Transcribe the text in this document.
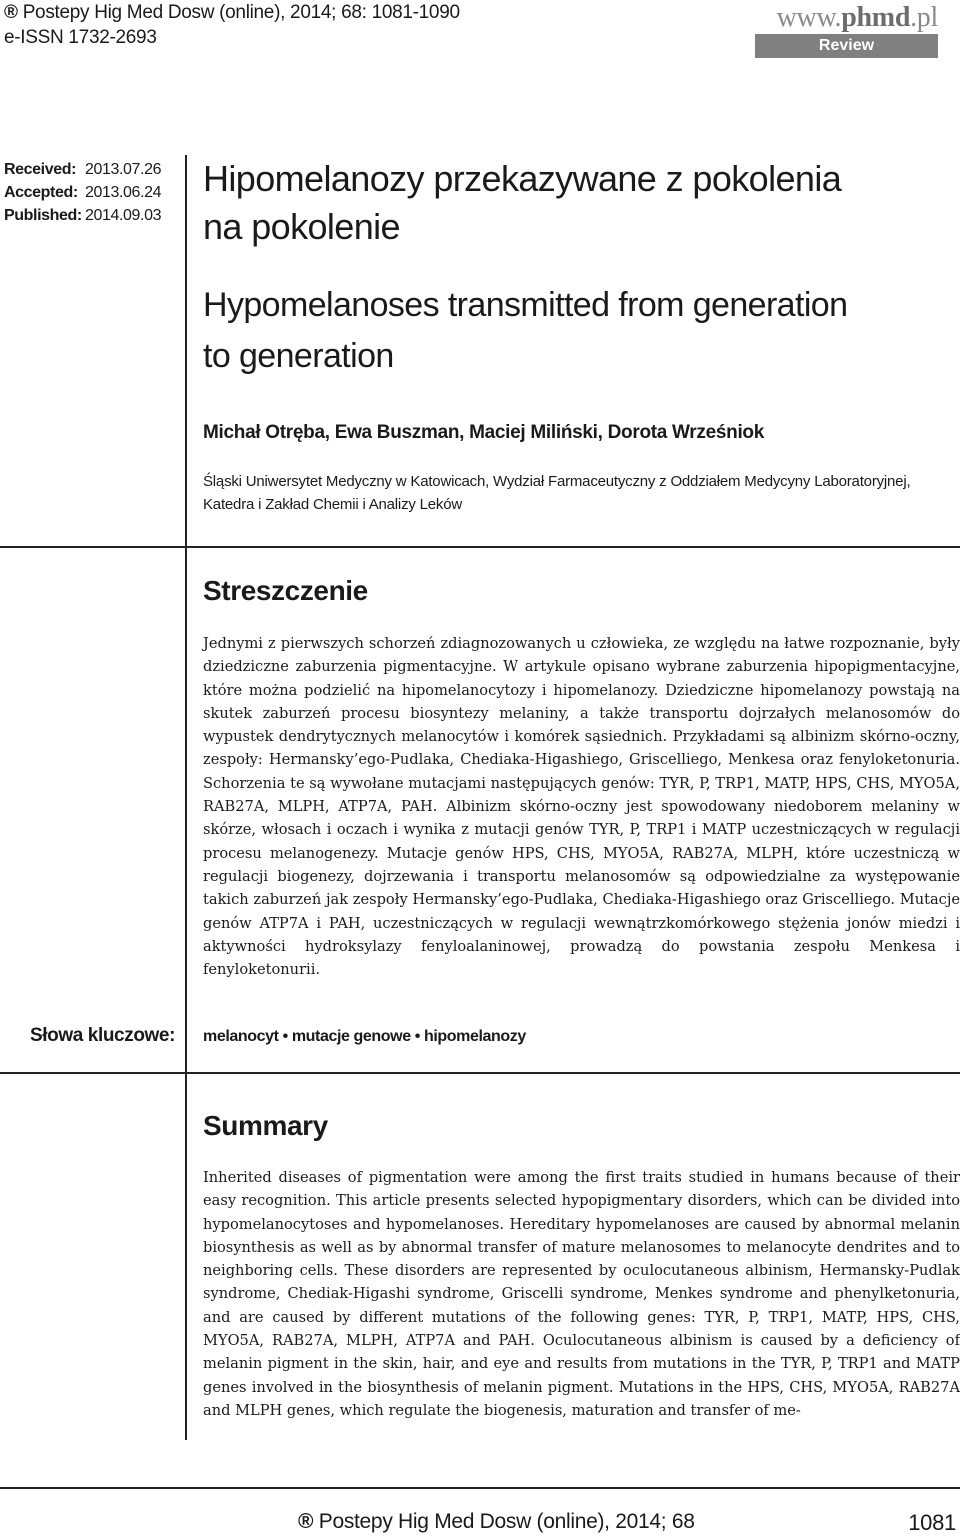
® Postepy Hig Med Dosw (online), 2014; 68: 1081-1090
e-ISSN 1732-2693
www.phmd.pl
Review
Received: 2013.07.26
Accepted: 2013.06.24
Published: 2014.09.03
Hipomelanozy przekazywane z pokolenia
na pokolenie
Hypomelanoses transmitted from generation
to generation
Michał Otręba, Ewa Buszman, Maciej Miliński, Dorota Wrześniok
Śląski Uniwersytet Medyczny w Katowicach, Wydział Farmaceutyczny z Oddziałem Medycyny Laboratoryjnej,
Katedra i Zakład Chemii i Analizy Leków
Streszczenie
Jednymi z pierwszych schorzeń zdiagnozowanych u człowieka, ze względu na łatwe rozpoznanie, były dziedziczne zaburzenia pigmentacyjne. W artykule opisano wybrane zaburzenia hipopigmentacyjne, które można podzielić na hipomelanocytozy i hipomelanozy. Dziedziczne hipomelanozy powstają na skutek zaburzeń procesu biosyntezy melaniny, a także transportu dojrzałych melanosomów do wypustek dendrytycznych melanocytów i komórek sąsiednich. Przykładami są albinizm skórno-oczny, zespoły: Hermansky’ego-Pudlaka, Chediaka-Higashiego, Griscelliego, Menkesa oraz fenyloketonuria. Schorzenia te są wywołane mutacjami następujących genów: TYR, P, TRP1, MATP, HPS, CHS, MYO5A, RAB27A, MLPH, ATP7A, PAH. Albinizm skórno-oczny jest spowodowany niedoborem melaniny w skórze, włosach i oczach i wynika z mutacji genów TYR, P, TRP1 i MATP uczestniczących w regulacji procesu melanogenezy. Mutacje genów HPS, CHS, MYO5A, RAB27A, MLPH, które uczestniczą w regulacji biogenezy, dojrzewania i transportu melanosomów są odpowiedzialne za występowanie takich zaburzeń jak zespoły Hermansky’ego-Pudlaka, Chediaka-Higashiego oraz Griscelliego. Mutacje genów ATP7A i PAH, uczestniczących w regulacji wewnątrzkomórkowego stężenia jonów miedzi i aktywności hydroksylazy fenyloalaninowej, prowadzą do powstania zespołu Menkesa i fenyloketonurii.
Słowa kluczowe: melanocyt • mutacje genowe • hipomelanozy
Summary
Inherited diseases of pigmentation were among the first traits studied in humans because of their easy recognition. This article presents selected hypopigmentary disorders, which can be divided into hypomelanocytoses and hypomelanoses. Hereditary hypomelanoses are caused by abnormal melanin biosynthesis as well as by abnormal transfer of mature melanosomes to melanocyte dendrites and to neighboring cells. These disorders are represented by oculocutaneous albinism, Hermansky-Pudlak syndrome, Chediak-Higashi syndrome, Griscelli syndrome, Menkes syndrome and phenylketonuria, and are caused by different mutations of the following genes: TYR, P, TRP1, MATP, HPS, CHS, MYO5A, RAB27A, MLPH, ATP7A and PAH. Oculocutaneous albinism is caused by a deficiency of melanin pigment in the skin, hair, and eye and results from mutations in the TYR, P, TRP1 and MATP genes involved in the biosynthesis of melanin pigment. Mutations in the HPS, CHS, MYO5A, RAB27A and MLPH genes, which regulate the biogenesis, maturation and transfer of me-
® Postepy Hig Med Dosw (online), 2014; 68	1081
